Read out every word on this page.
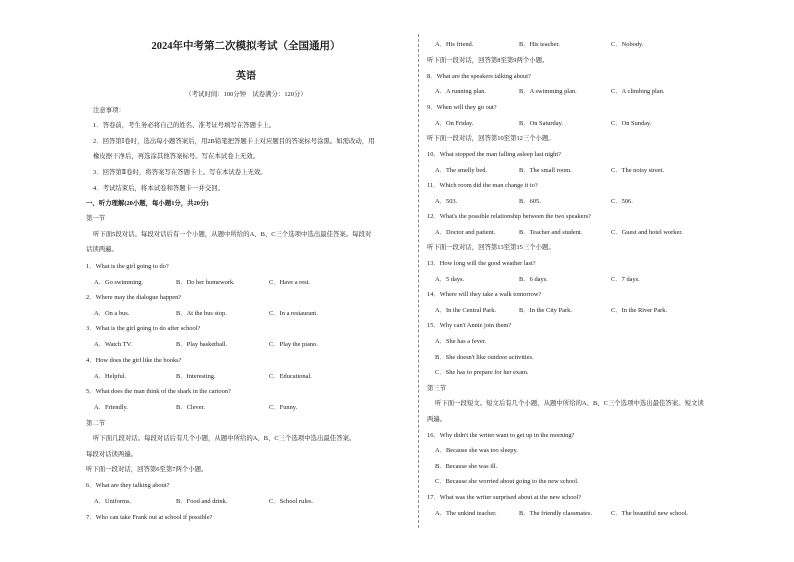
2024年中考第二次模拟考试（全国通用）
英语
（考试时间：100分钟　试卷满分：120分）
注意事项：
1．答卷前，考生务必将自己的姓名、准考证号填写在答题卡上。
2．回答第Ⅰ卷时，选出每小题答案后，用2B铅笔把答题卡上对应题目的答案标号涂黑。如需改动，用
橡皮擦干净后，再选涂其他答案标号。写在本试卷上无效。
3．回答第Ⅱ卷时，将答案写在答题卡上。写在本试卷上无效。
4．考试结束后，将本试卷和答题卡一并交回。
一、听力理解(20小题，每小题1分，共20分)
第一节
听下面5段对话。每段对话后有一个小题，从题中所给的A、B、C三个选项中选出最佳答案。每段对
话读两遍。
1．What is the girl going to do?
A．Go swimming.	B．Do her homework.	C．Have a rest.
2．Where may the dialogue happen?
A．On a bus.	B．At the bus stop.	C．In a restaurant.
3．What is the girl going to do after school?
A．Watch TV.	B．Play basketball.	C．Play the piano.
4．How does the girl like the books?
A．Helpful.	B．Interesting.	C．Educational.
5．What does the man think of the shark in the cartoon?
A．Friendly.	B．Clever.	C．Funny.
第二节
听下面几段对话。每段对话后有几个小题，从题中所给的A、B、C三个选项中选出最佳答案。
每段对话读两遍。
听下面一段对话，回答第6至第7两个小题。
6．What are they talking about?
A．Uniforms.	B．Food and drink.	C．School rules.
7．Who can take Frank out at school if possible?
A．His friend.	B．His teacher.	C．Nobody.
听下面一段对话，回答第8至第9两个小题。
8．What are the speakers talking about?
A．A running plan.	B．A swimming plan.	C．A climbing plan.
9．When will they go out?
A．On Friday.	B．On Saturday.	C．On Sunday.
听下面一段对话，回答第10至第12三个小题。
10．What stopped the man falling asleep last night?
A．The smelly bed.	B．The small room.	C．The noisy street.
11．Which room did the man change it to?
A．503.	B．605.	C．506.
12．What's the possible relationship between the two speakers?
A．Doctor and patient.	B．Teacher and student.	C．Guest and hotel worker.
听下面一段对话，回答第13至第15三个小题。
13．How long will the good weather last?
A．5 days.	B．6 days.	C．7 days.
14．Where will they take a walk tomorrow?
A．In the Central Park.	B．In the City Park.	C．In the River Park.
15．Why can't Annie join them?
A．She has a fever.
B．She doesn't like outdoor activities.
C．She has to prepare for her exam.
第三节
听下面一段短文。短文后有几个小题，从题中所给的A、B、C三个选项中选出最佳答案。短文读
两遍。
16．Why didn't the writer want to get up in the morning?
A．Because she was too sleepy.
B．Because she was ill.
C．Because she worried about going to the new school.
17．What was the writer surprised about at the new school?
A．The unkind teacher.	B．The friendly classmates.	C．The beautiful new school.
